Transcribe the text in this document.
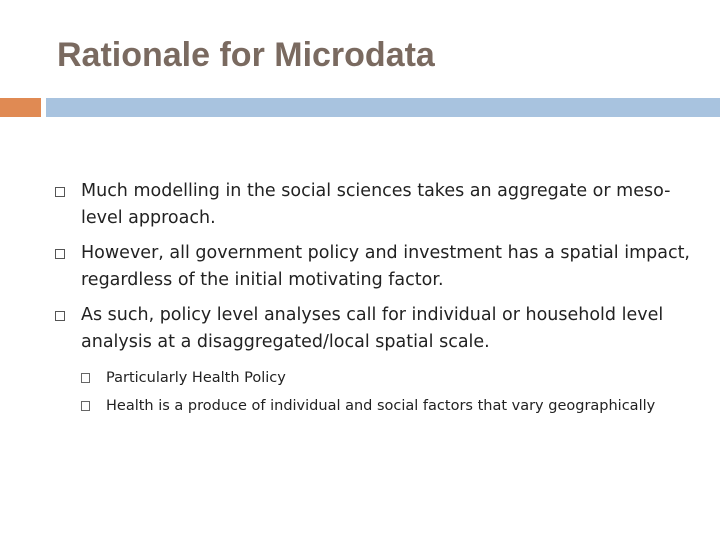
Rationale for Microdata
Much modelling in the social sciences takes an aggregate or meso-level approach.
However, all government policy and investment has a spatial impact, regardless of the initial motivating factor.
As such, policy level analyses call for individual or household level analysis at a disaggregated/local spatial scale.
Particularly Health Policy
Health is a produce of individual and social factors that vary geographically
